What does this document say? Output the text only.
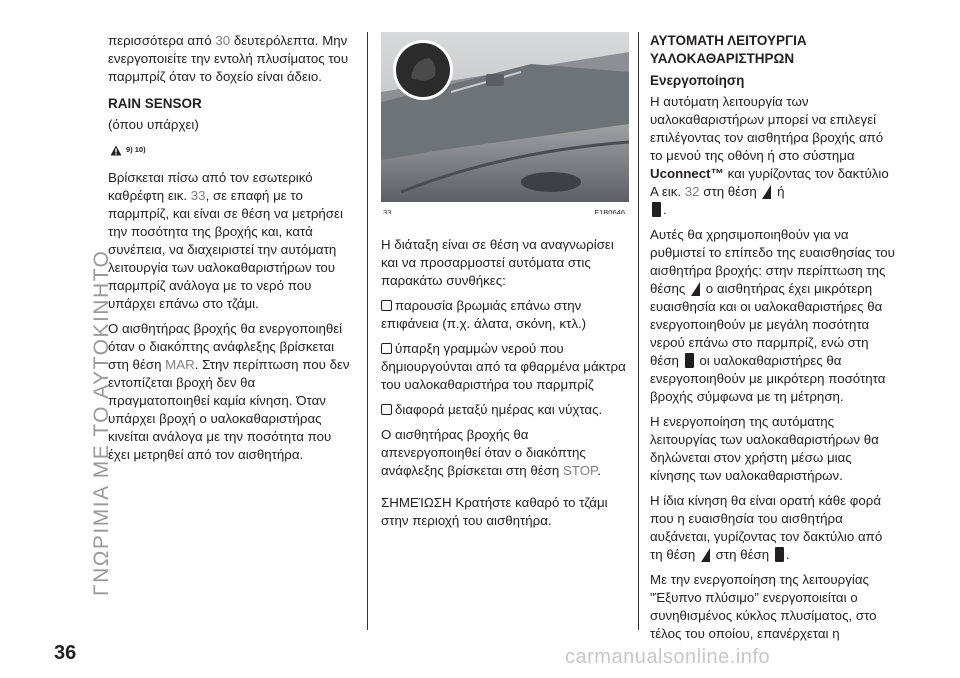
ΓΝΩΡΙΜΙΑ ΜΕ ΤΟ ΑΥΤΟΚΙΝΗΤΟ

περισσότερα από 30 δευτερόλεπτα. Μην ενεργοποιείτε την εντολή πλυσίματος του παρμπρίζ όταν το δοχείο είναι άδειο.

RAIN SENSOR

(όπου υπάρχει)

9) 10)

Βρίσκεται πίσω από τον εσωτερικό καθρέφτη εικ. 33, σε επαφή με το παρμπρίζ, και είναι σε θέση να μετρήσει την ποσότητα της βροχής και, κατά συνέπεια, να διαχειριστεί την αυτόματη λειτουργία των υαλοκαθαριστήρων του παρμπρίζ ανάλογα με το νερό που υπάρχει επάνω στο τζάμι.

Ο αισθητήρας βροχής θα ενεργοποιηθεί όταν ο διακόπτης ανάφλεξης βρίσκεται στη θέση MAR. Στην περίπτωση που δεν εντοπίζεται βροχή δεν θα πραγματοποιηθεί καμία κίνηση. Όταν υπάρχει βροχή ο υαλοκαθαριστήρας κινείται ανάλογα με την ποσότητα που έχει μετρηθεί από τον αισθητήρα.

33	F1B0646

Η διάταξη είναι σε θέση να αναγνωρίσει και να προσαρμοστεί αυτόματα στις παρακάτω συνθήκες:

παρουσία βρωμιάς επάνω στην επιφάνεια (π.χ. άλατα, σκόνη, κτλ.)

ύπαρξη γραμμών νερού που δημιουργούνται από τα φθαρμένα μάκτρα του υαλοκαθαριστήρα του παρμπρίζ

διαφορά μεταξύ ημέρας και νύχτας.

Ο αισθητήρας βροχής θα απενεργοποιηθεί όταν ο διακόπτης ανάφλεξης βρίσκεται στη θέση STOP.

ΣΗΜΕΊΩΣΗ Κρατήστε καθαρό το τζάμι στην περιοχή του αισθητήρα.

ΑΥΤΟΜΑΤΗ ΛΕΙΤΟΥΡΓΙΑ
ΥΑΛΟΚΑΘΑΡΙΣΤΗΡΩΝ
Ενεργοποίηση

Η αυτόματη λειτουργία των υαλοκαθαριστήρων μπορεί να επιλεγεί επιλέγοντας τον αισθητήρα βροχής από το μενού της οθόνη ή στο σύστημα Uconnect™ και γυρίζοντας τον δακτύλιο A εικ. 32 στη θέση  ή
.

Αυτές θα χρησιμοποιηθούν για να ρυθμιστεί το επίπεδο της ευαισθησίας του αισθητήρα βροχής: στην περίπτωση της θέσης  ο αισθητήρας έχει μικρότερη ευαισθησία και οι υαλοκαθαριστήρες θα ενεργοποιηθούν με μεγάλη ποσότητα νερού επάνω στο παρμπρίζ, ενώ στη θέση  οι υαλοκαθαριστήρες θα ενεργοποιηθούν με μικρότερη ποσότητα βροχής σύμφωνα με τη μέτρηση.

Η ενεργοποίηση της αυτόματης λειτουργίας των υαλοκαθαριστήρων θα δηλώνεται στον χρήστη μέσω μιας κίνησης των υαλοκαθαριστήρων.

Η ίδια κίνηση θα είναι ορατή κάθε φορά που η ευαισθησία του αισθητήρα αυξάνεται, γυρίζοντας τον δακτύλιο από τη θέση  στη θέση .

Με την ενεργοποίηση της λειτουργίας "Έξυπνο πλύσιμο" ενεργοποιείται ο συνηθισμένος κύκλος πλυσίματος, στο τέλος του οποίου, επανέρχεται η

36	carmanualsonline.info
